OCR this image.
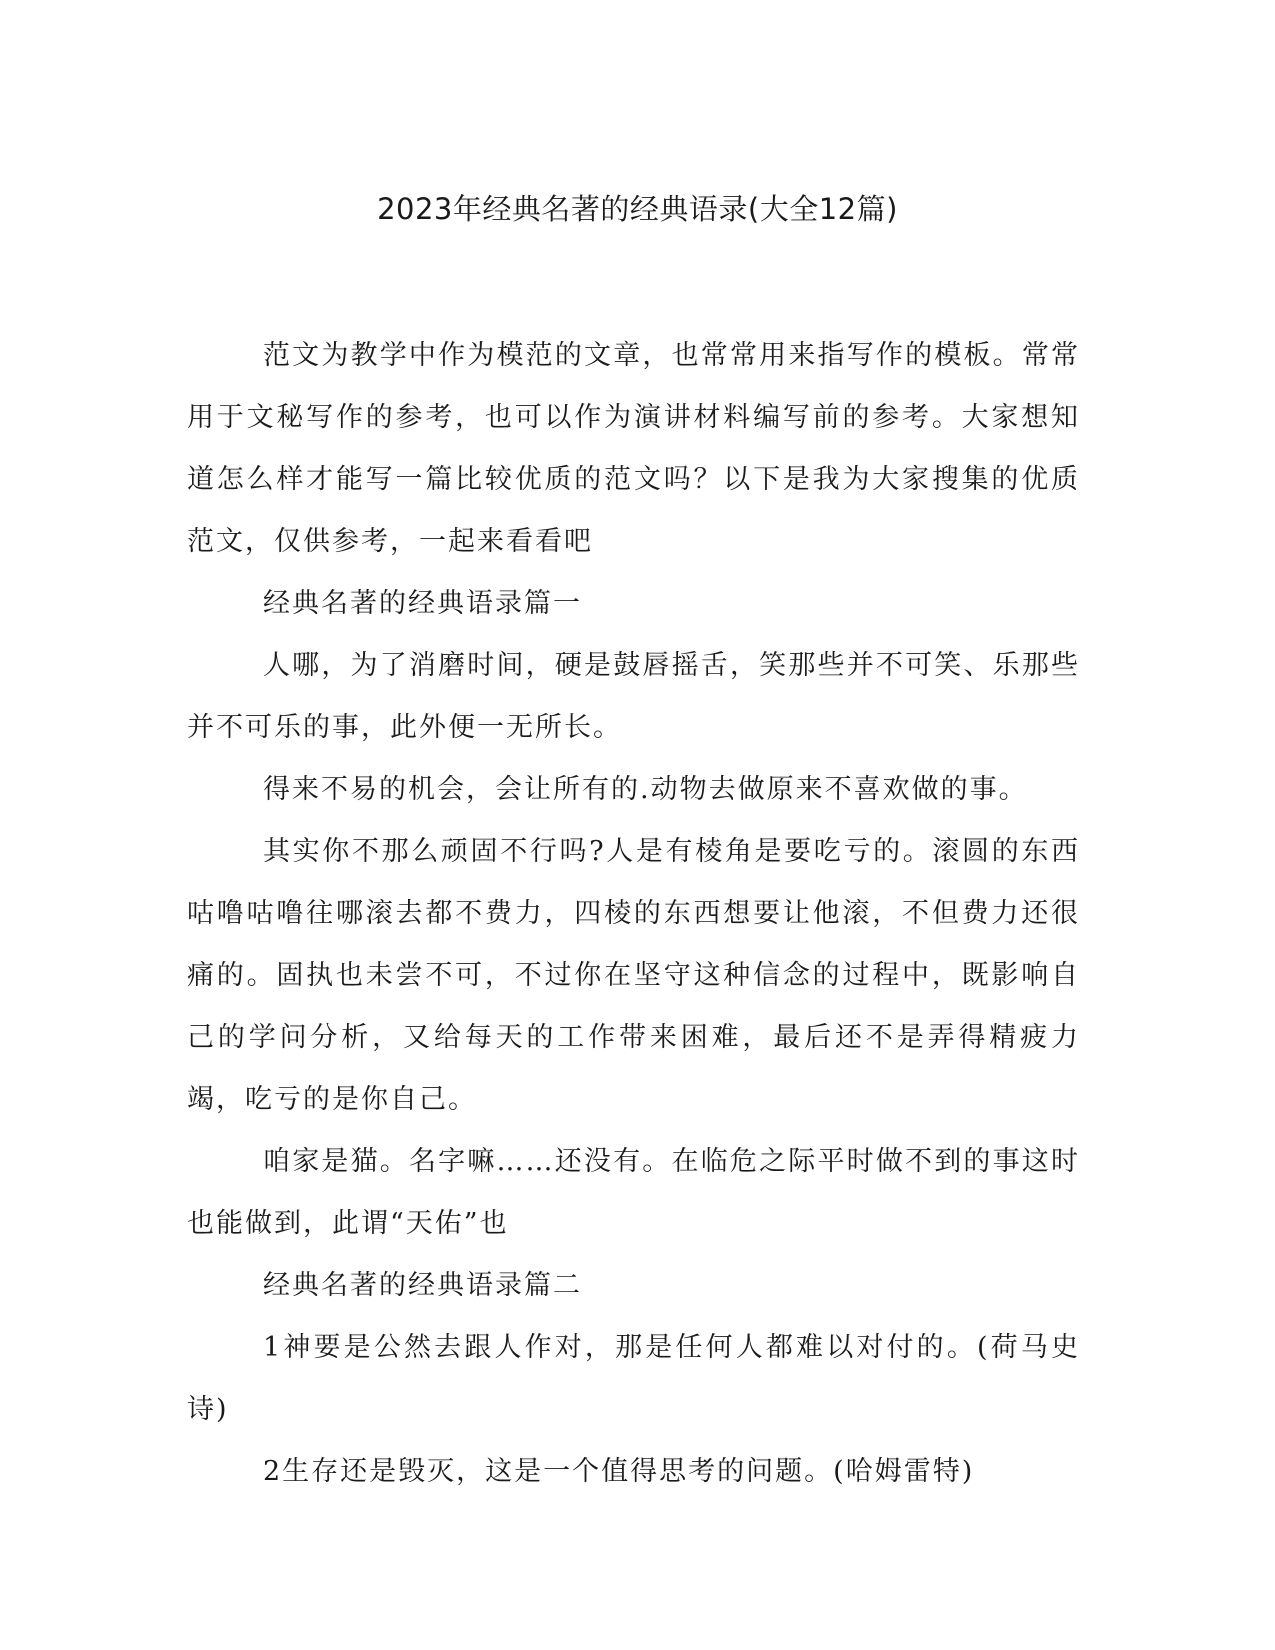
2023年经典名著的经典语录(大全12篇)

范文为教学中作为模范的文章，也常常用来指写作的模板。常常用于文秘写作的参考，也可以作为演讲材料编写前的参考。大家想知道怎么样才能写一篇比较优质的范文吗？以下是我为大家搜集的优质范文，仅供参考，一起来看看吧

经典名著的经典语录篇一

人哪，为了消磨时间，硬是鼓唇摇舌，笑那些并不可笑、乐那些并不可乐的事，此外便一无所长。

得来不易的机会，会让所有的.动物去做原来不喜欢做的事。

其实你不那么顽固不行吗?人是有棱角是要吃亏的。滚圆的东西咕噜咕噜往哪滚去都不费力，四棱的东西想要让他滚，不但费力还很痛的。固执也未尝不可，不过你在坚守这种信念的过程中，既影响自己的学问分析，又给每天的工作带来困难，最后还不是弄得精疲力竭，吃亏的是你自己。

咱家是猫。名字嘛……还没有。在临危之际平时做不到的事这时也能做到，此谓“天佑”也

经典名著的经典语录篇二

1神要是公然去跟人作对，那是任何人都难以对付的。(荷马史诗)

2生存还是毁灭，这是一个值得思考的问题。(哈姆雷特)
